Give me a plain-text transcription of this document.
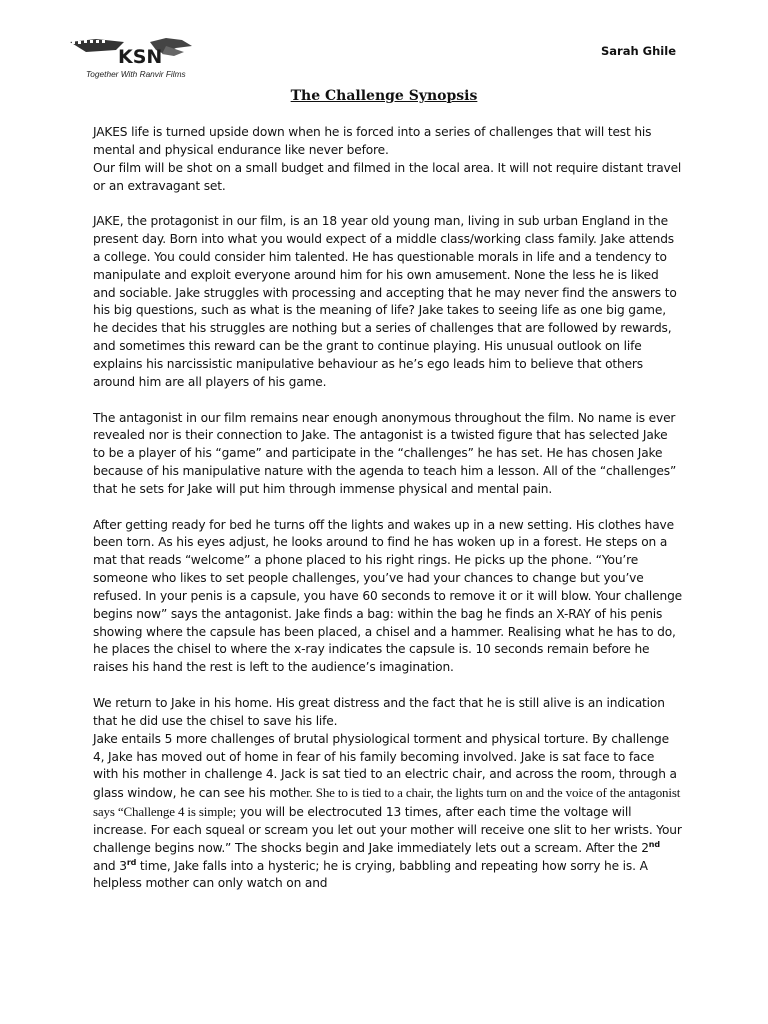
KSN
Together With Ranvir Films
Sarah Ghile
The Challenge Synopsis

JAKES life is turned upside down when he is forced into a series of challenges that will test his mental and physical endurance like never before.

Our film will be shot on a small budget and filmed in the local area. It will not require distant travel or an extravagant set.

JAKE, the protagonist in our film, is an 18 year old young man, living in sub urban England in the present day. Born into what you would expect of a middle class/working class family. Jake attends a college. You could consider him talented. He has questionable morals in life and a tendency to manipulate and exploit everyone around him for his own amusement. None the less he is liked and sociable. Jake struggles with processing and accepting that he may never find the answers to his big questions, such as what is the meaning of life? Jake takes to seeing life as one big game, he decides that his struggles are nothing but a series of challenges that are followed by rewards, and sometimes this reward can be the grant to continue playing. His unusual outlook on life explains his narcissistic manipulative behaviour as he’s ego leads him to believe that others around him are all players of his game.

The antagonist in our film remains near enough anonymous throughout the film. No name is ever revealed nor is their connection to Jake. The antagonist is a twisted figure that has selected Jake to be a player of his “game” and participate in the “challenges” he has set. He has chosen Jake because of his manipulative nature with the agenda to teach him a lesson. All of the “challenges” that he sets for Jake will put him through immense physical and mental pain.

After getting ready for bed he turns off the lights and wakes up in a new setting. His clothes have been torn. As his eyes adjust, he looks around to find he has woken up in a forest. He steps on a mat that reads “welcome” a phone placed to his right rings. He picks up the phone. “You’re someone who likes to set people challenges, you’ve had your chances to change but you’ve refused. In your penis is a capsule, you have 60 seconds to remove it or it will blow. Your challenge begins now” says the antagonist. Jake finds a bag: within the bag he finds an X-RAY of his penis showing where the capsule has been placed, a chisel and a hammer. Realising what he has to do, he places the chisel to where the x-ray indicates the capsule is. 10 seconds remain before he raises his hand the rest is left to the audience’s imagination.

We return to Jake in his home. His great distress and the fact that he is still alive is an indication that he did use the chisel to save his life.

Jake entails 5 more challenges of brutal physiological torment and physical torture. By challenge 4, Jake has moved out of home in fear of his family becoming involved. Jake is sat face to face with his mother in challenge 4. Jack is sat tied to an electric chair, and across the room, through a glass window, he can see his mother. She to is tied to a chair, the lights turn on and the voice of the antagonist says “Challenge 4 is simple; you will be electrocuted 13 times, after each time the voltage will increase. For each squeal or scream you let out your mother will receive one slit to her wrists. Your challenge begins now.” The shocks begin and Jake immediately lets out a scream. After the 2nd and 3rd time, Jake falls into a hysteric; he is crying, babbling and repeating how sorry he is. A helpless mother can only watch on and
